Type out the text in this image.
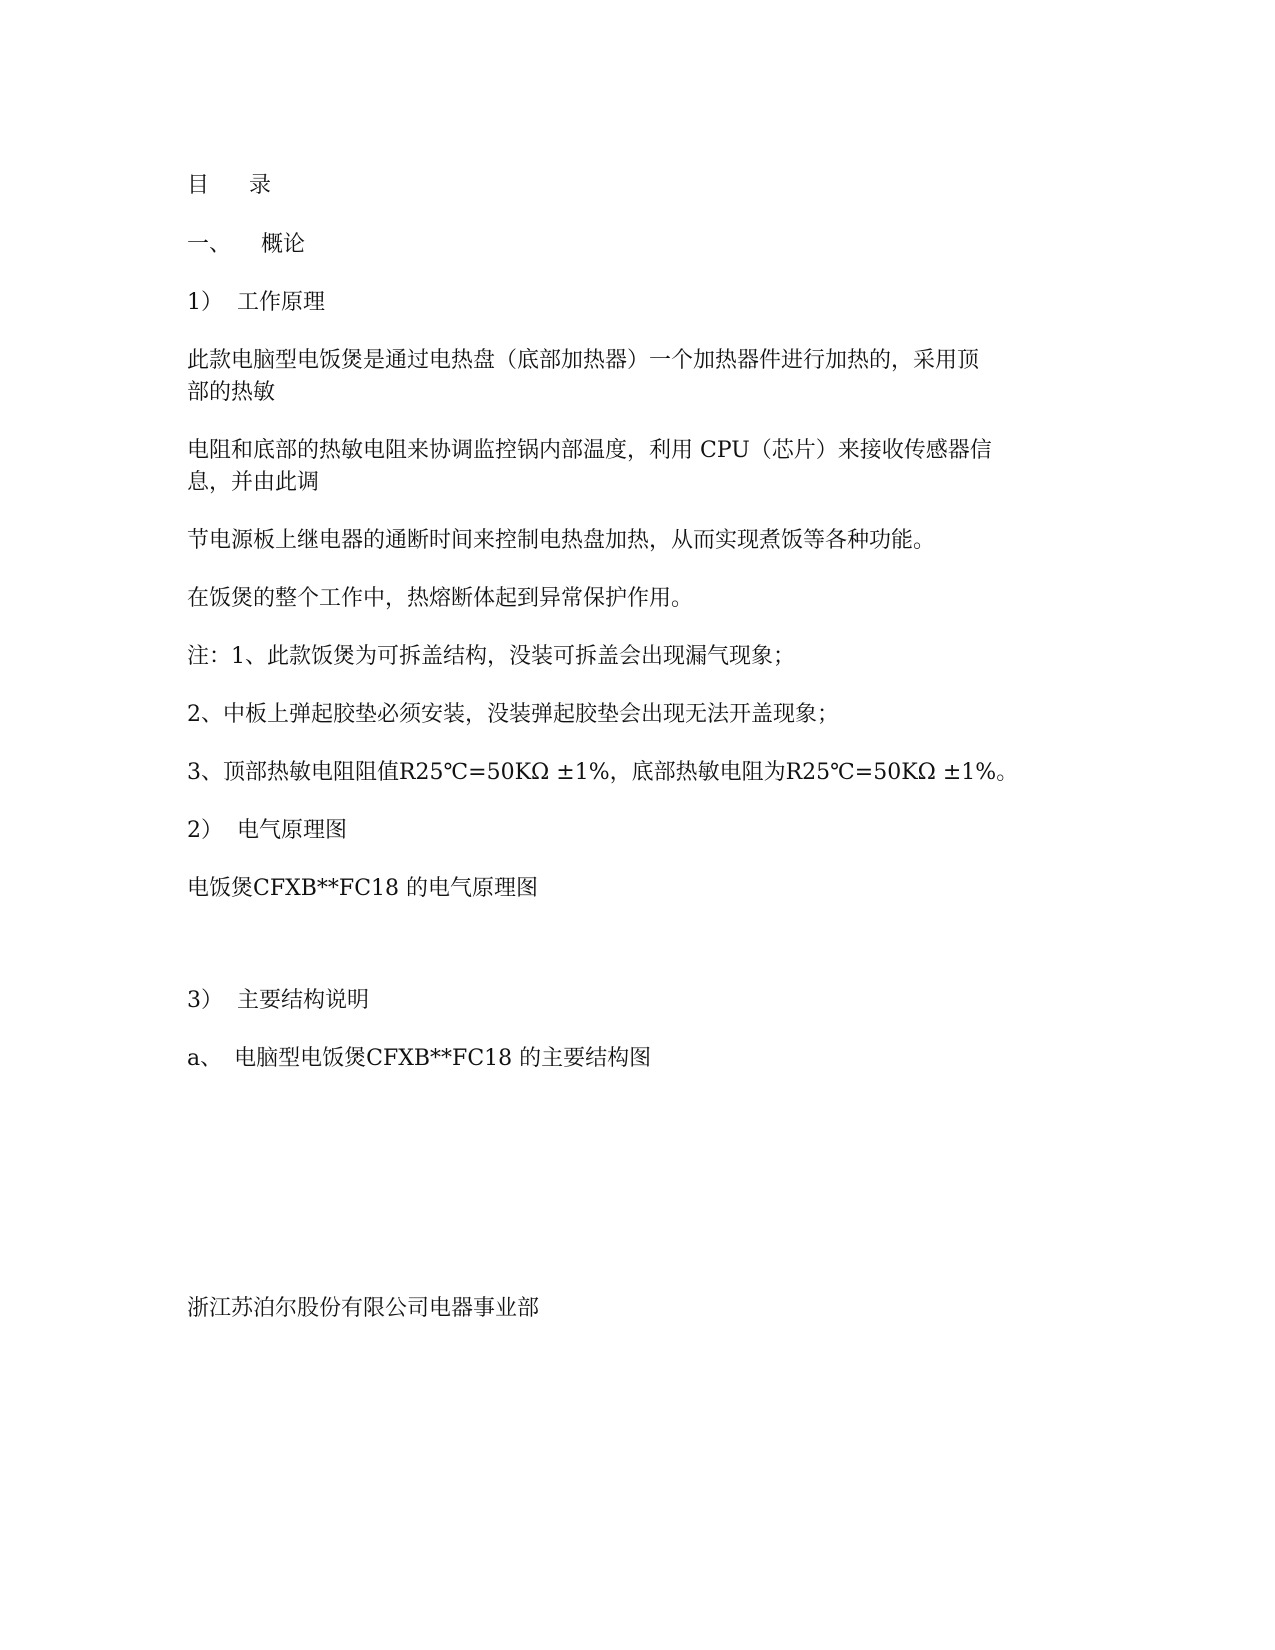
目 录
一、 概论
1） 工作原理
此款电脑型电饭煲是通过电热盘（底部加热器）一个加热器件进行加热的，采用顶
部的热敏
电阻和底部的热敏电阻来协调监控锅内部温度，利用 CPU（芯片）来接收传感器信
息，并由此调
节电源板上继电器的通断时间来控制电热盘加热，从而实现煮饭等各种功能。
在饭煲的整个工作中，热熔断体起到异常保护作用。
注：1、此款饭煲为可拆盖结构，没装可拆盖会出现漏气现象；
2、中板上弹起胶垫必须安装，没装弹起胶垫会出现无法开盖现象；
3、顶部热敏电阻阻值R25℃=50KΩ ±1%，底部热敏电阻为R25℃=50KΩ ±1%。
2） 电气原理图
电饭煲CFXB**FC18 的电气原理图
3） 主要结构说明
a、 电脑型电饭煲CFXB**FC18 的主要结构图
浙江苏泊尔股份有限公司电器事业部
